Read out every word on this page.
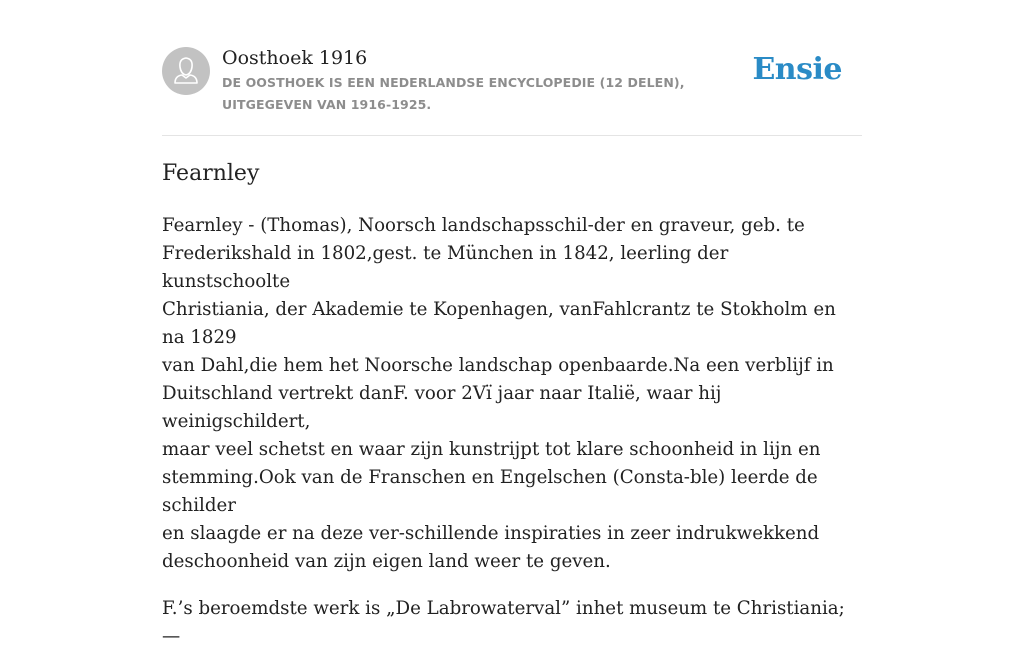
Oosthoek 1916
DE OOSTHOEK IS EEN NEDERLANDSE ENCYCLOPEDIE (12 DELEN), UITGEGEVEN VAN 1916-1925.
Ensie
Fearnley

Fearnley - (Thomas), Noorsch landschapsschil-der en graveur, geb. te
Frederikshald in 1802,gest. te München in 1842, leerling der kunstschoolte
Christiania, der Akademie te Kopenhagen, vanFahlcrantz te Stokholm en na 1829
van Dahl,die hem het Noorsche landschap openbaarde.Na een verblijf in
Duitschland vertrekt danF. voor 2Vï jaar naar Italië, waar hij weinigschildert,
maar veel schetst en waar zijn kunstrijpt tot klare schoonheid in lijn en
stemming.Ook van de Franschen en Engelschen (Consta-ble) leerde de schilder
en slaagde er na deze ver-schillende inspiraties in zeer indrukwekkend
deschoonheid van zijn eigen land weer te geven.

F.’s beroemdste werk is „De Labrowaterval” inhet museum te Christiania; —
